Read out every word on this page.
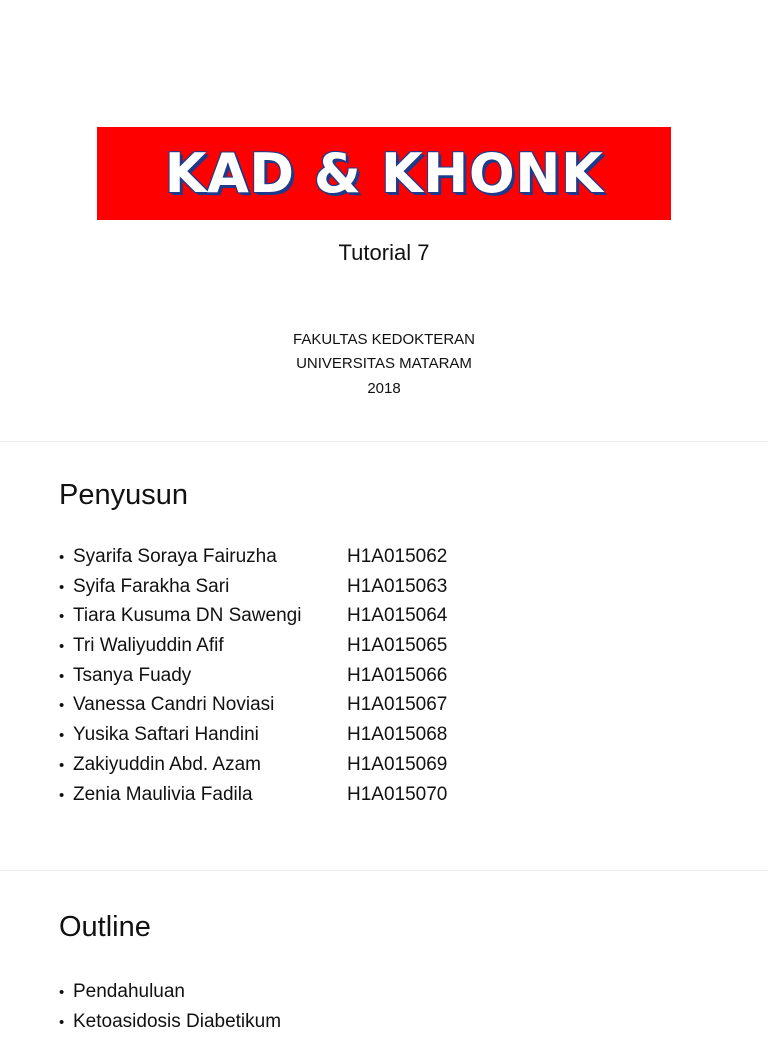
KAD & KHONK
Tutorial 7
FAKULTAS KEDOKTERAN
UNIVERSITAS MATARAM
2018
Penyusun
• Syarifa Soraya Fairuzha	H1A015062
• Syifa Farakha Sari	H1A015063
• Tiara Kusuma DN Sawengi	H1A015064
• Tri Waliyuddin Afif	H1A015065
• Tsanya Fuady	H1A015066
• Vanessa Candri Noviasi	H1A015067
• Yusika Saftari Handini	H1A015068
• Zakiyuddin Abd. Azam	H1A015069
• Zenia Maulivia Fadila	H1A015070
Outline
• Pendahuluan
• Ketoasidosis Diabetikum
